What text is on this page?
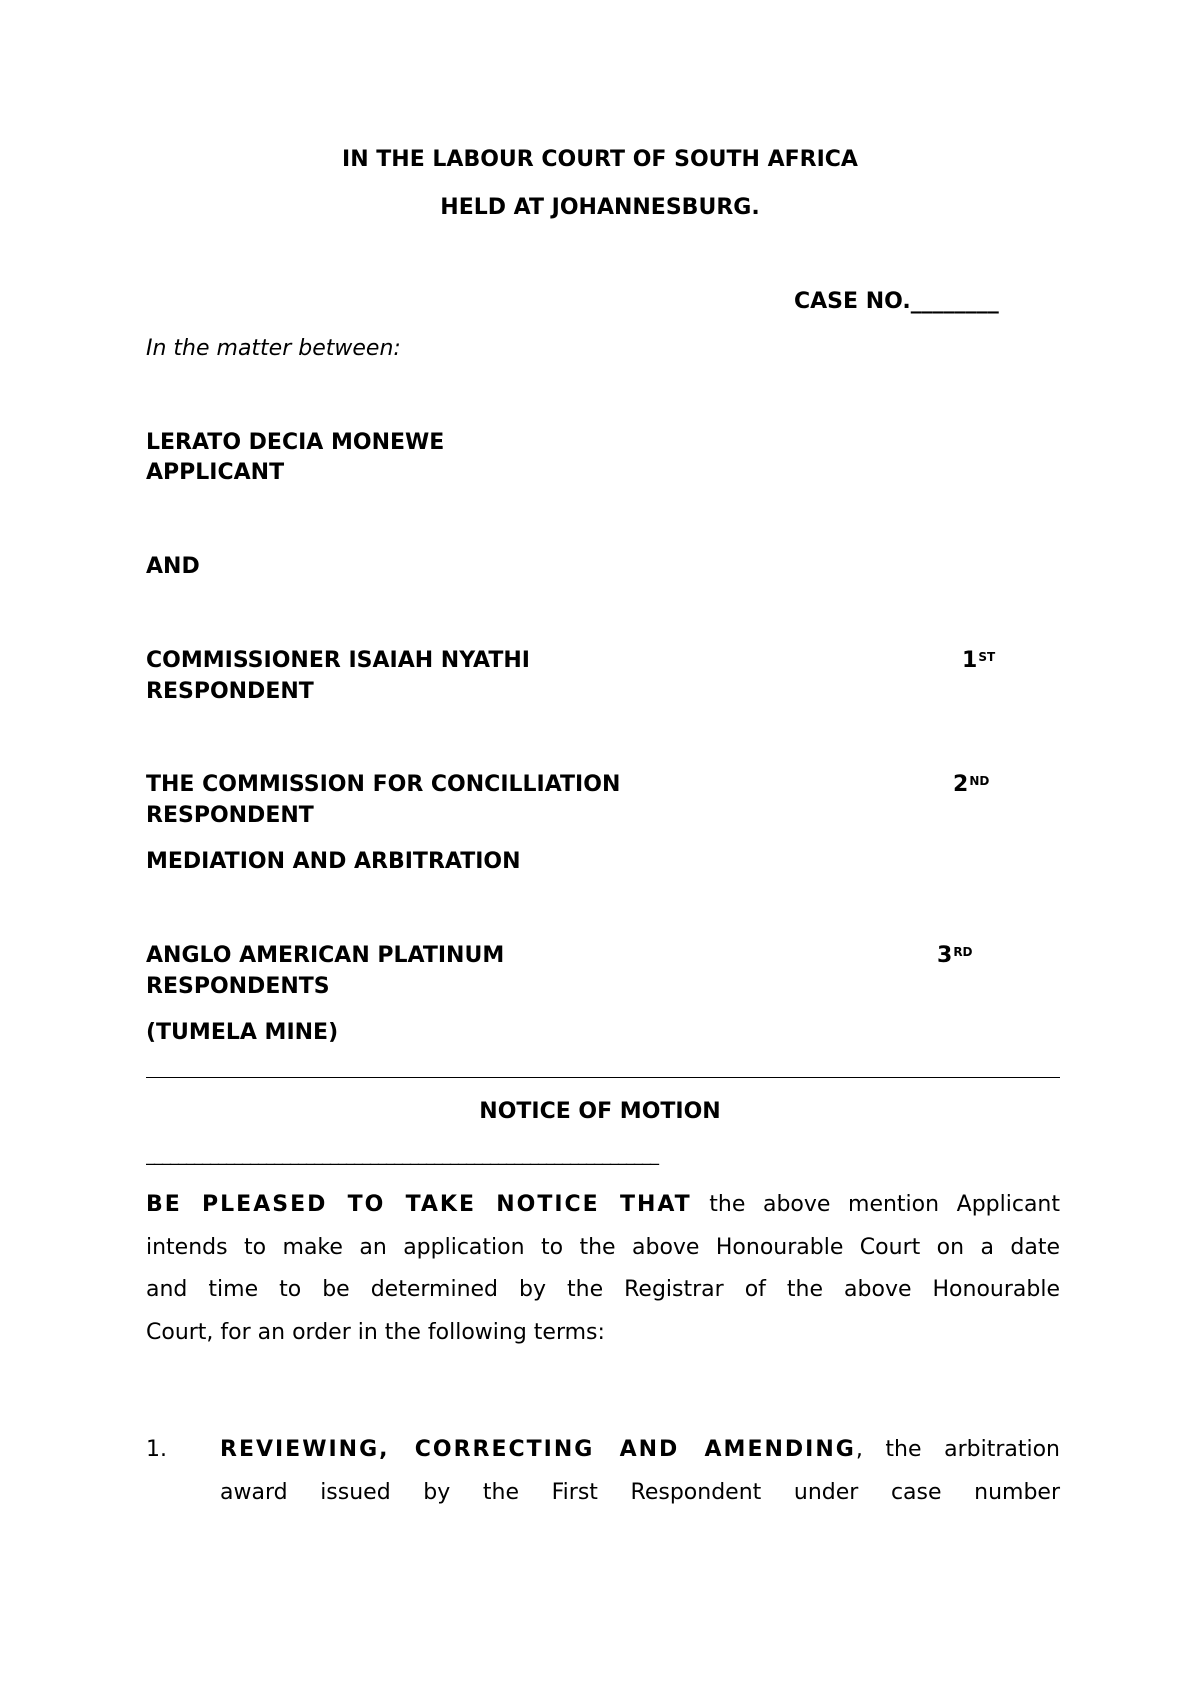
IN THE LABOUR COURT OF SOUTH AFRICA
HELD AT JOHANNESBURG.
CASE NO.________
In the matter between:
LERATO DECIA MONEWE
APPLICANT
AND
COMMISSIONER ISAIAH NYATHI	1ST
RESPONDENT
THE COMMISSION FOR CONCILLIATION	2ND
RESPONDENT
MEDIATION AND ARBITRATION
ANGLO AMERICAN PLATINUM	3RD
RESPONDENTS
(TUMELA MINE)
NOTICE OF MOTION
________________________________________________________________
BE PLEASED TO TAKE NOTICE THAT the above mention Applicant
intends to make an application to the above Honourable Court on a date
and time to be determined by the Registrar of the above Honourable
Court, for an order in the following terms:
1. REVIEWING, CORRECTING AND AMENDING, the arbitration
award issued by the First Respondent under case number
